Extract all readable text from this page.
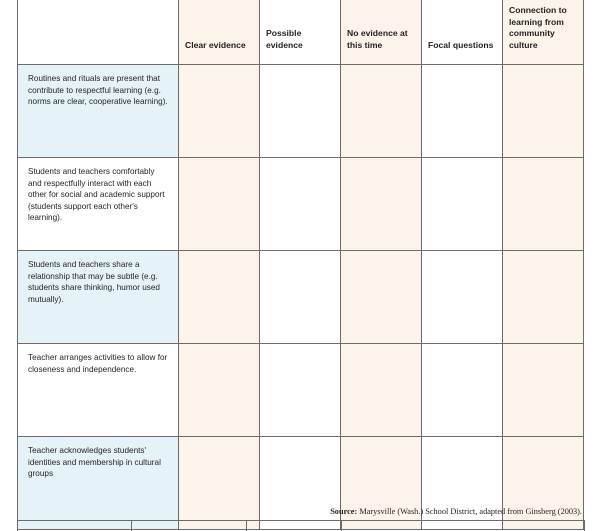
	Clear evidence	Possible evidence	No evidence at this time	Focal questions	Connection to learning from community culture
Routines and rituals are present that contribute to respectful learning (e.g. norms are clear, cooperative learning).					
Students and teachers comfortably and respectfully interact with each other for social and academic support (students support each other's learning).					
Students and teachers share a relationship that may be subtle (e.g. students share thinking, humor used mutually).					
Teacher arranges activities to allow for closeness and independence.					
Teacher acknowledges students' identities and membership in cultural groups					
Source: Marysville (Wash.) School District, adapted from Ginsberg (2003).
